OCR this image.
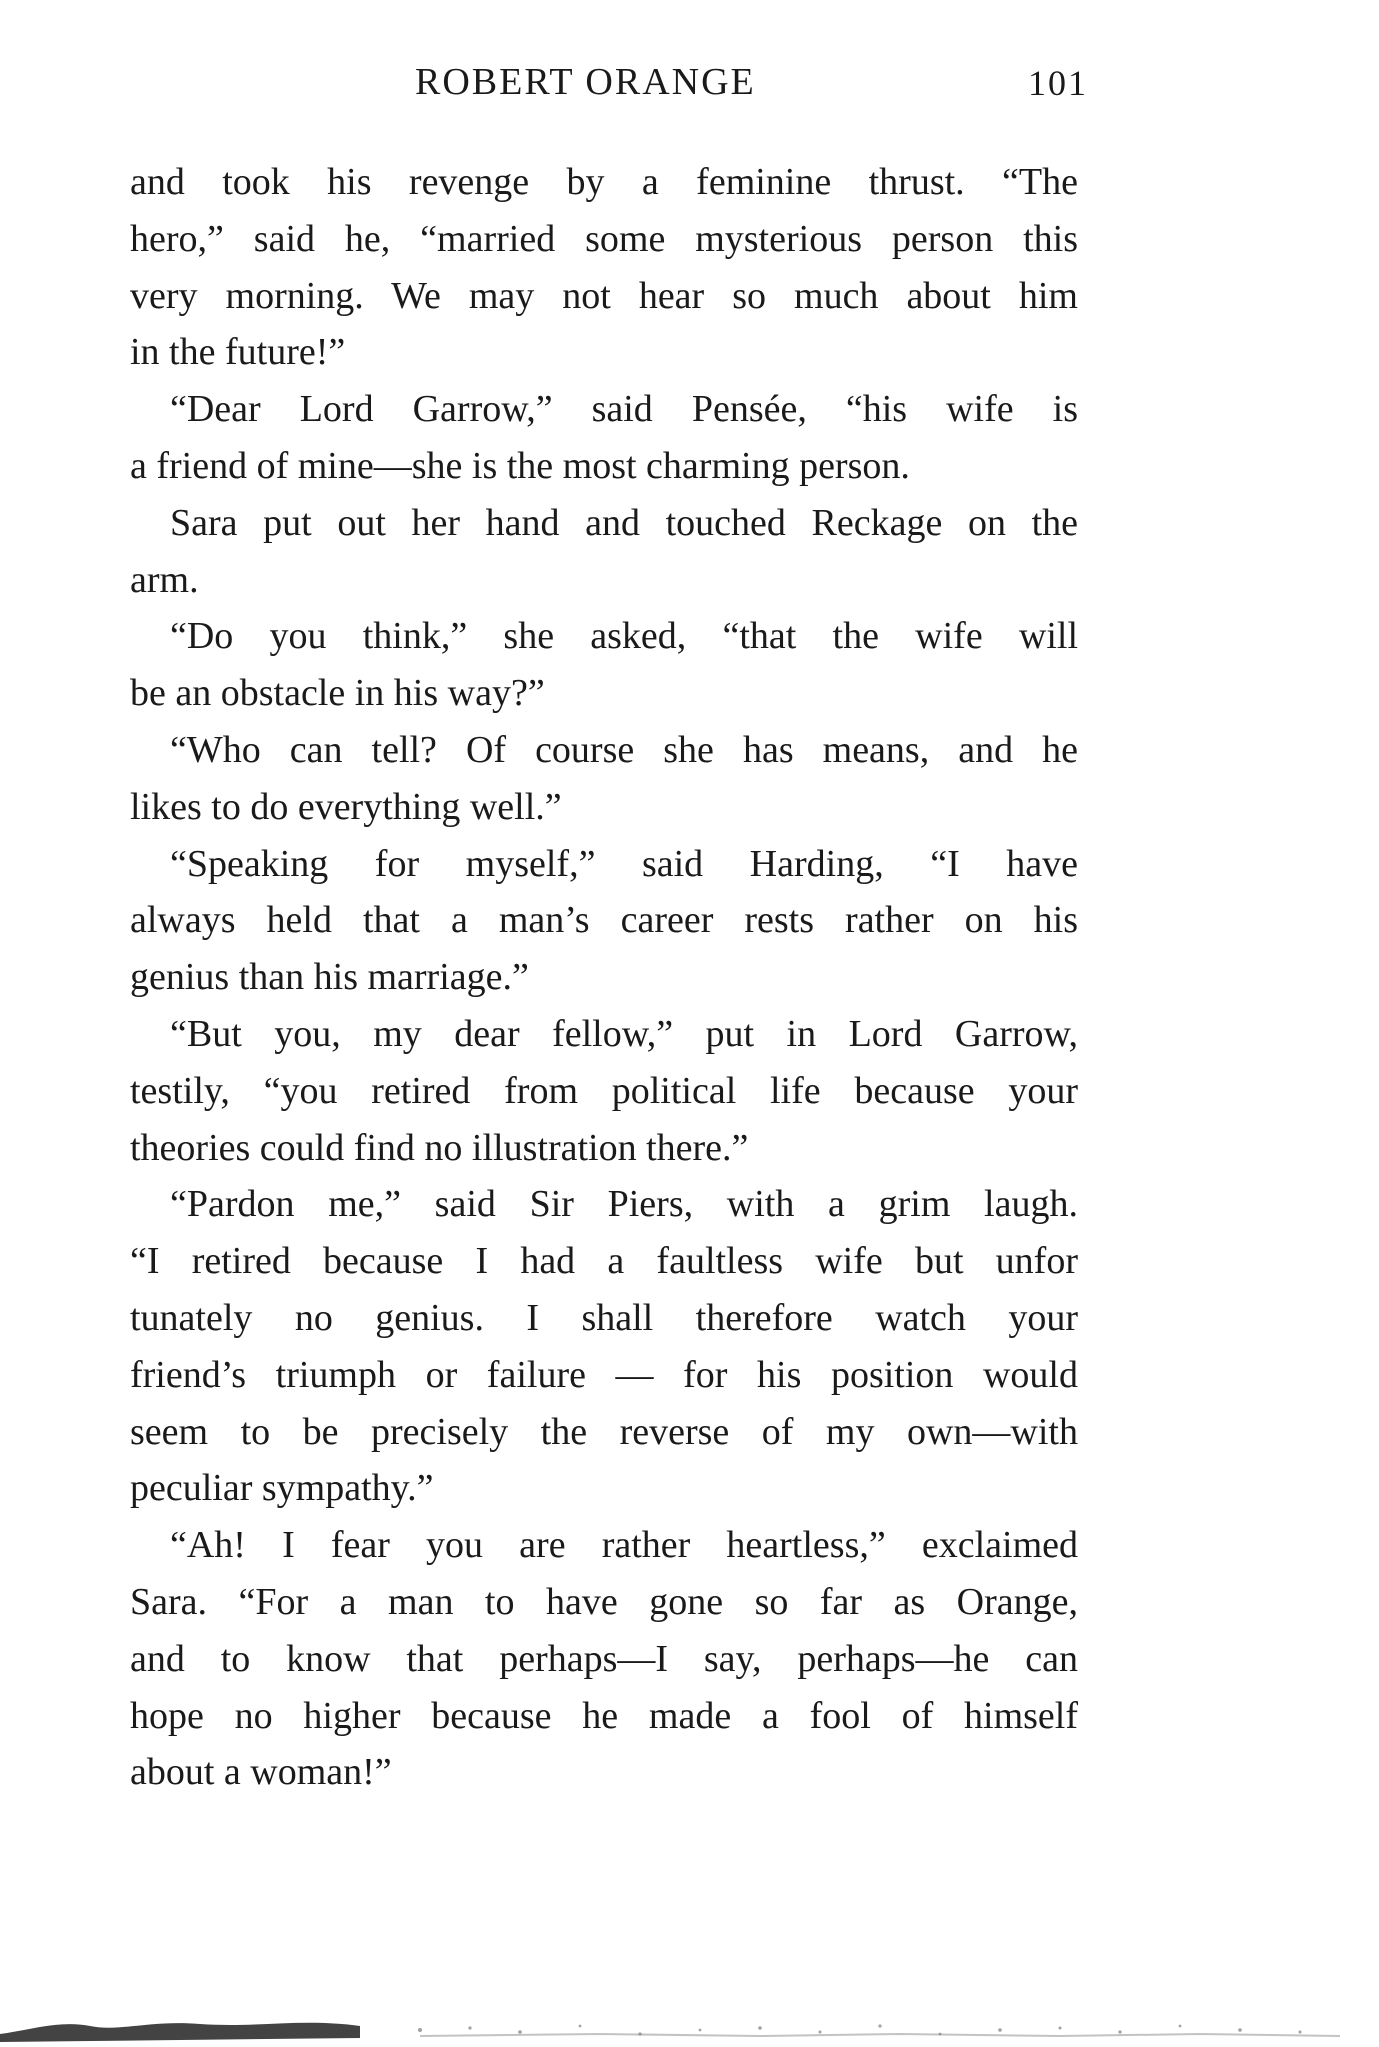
ROBERT ORANGE	101
and took his revenge by a feminine thrust. “The
hero,” said he, “married some mysterious person this
very morning. We may not hear so much about him
in the future!”
“Dear Lord Garrow,” said Pensée, “his wife is
a friend of mine—she is the most charming person.
Sara put out her hand and touched Reckage on the
arm.
“Do you think,” she asked, “that the wife will
be an obstacle in his way?”
“Who can tell? Of course she has means, and he
likes to do everything well.”
“Speaking for myself,” said Harding, “I have
always held that a man’s career rests rather on his
genius than his marriage.”
“But you, my dear fellow,” put in Lord Garrow,
testily, “you retired from political life because your
theories could find no illustration there.”
“Pardon me,” said Sir Piers, with a grim laugh.
“I retired because I had a faultless wife but unfor
tunately no genius. I shall therefore watch your
friend’s triumph or failure — for his position would
seem to be precisely the reverse of my own—with
peculiar sympathy.”
“Ah! I fear you are rather heartless,” exclaimed
Sara. “For a man to have gone so far as Orange,
and to know that perhaps—I say, perhaps—he can
hope no higher because he made a fool of himself
about a woman!”
